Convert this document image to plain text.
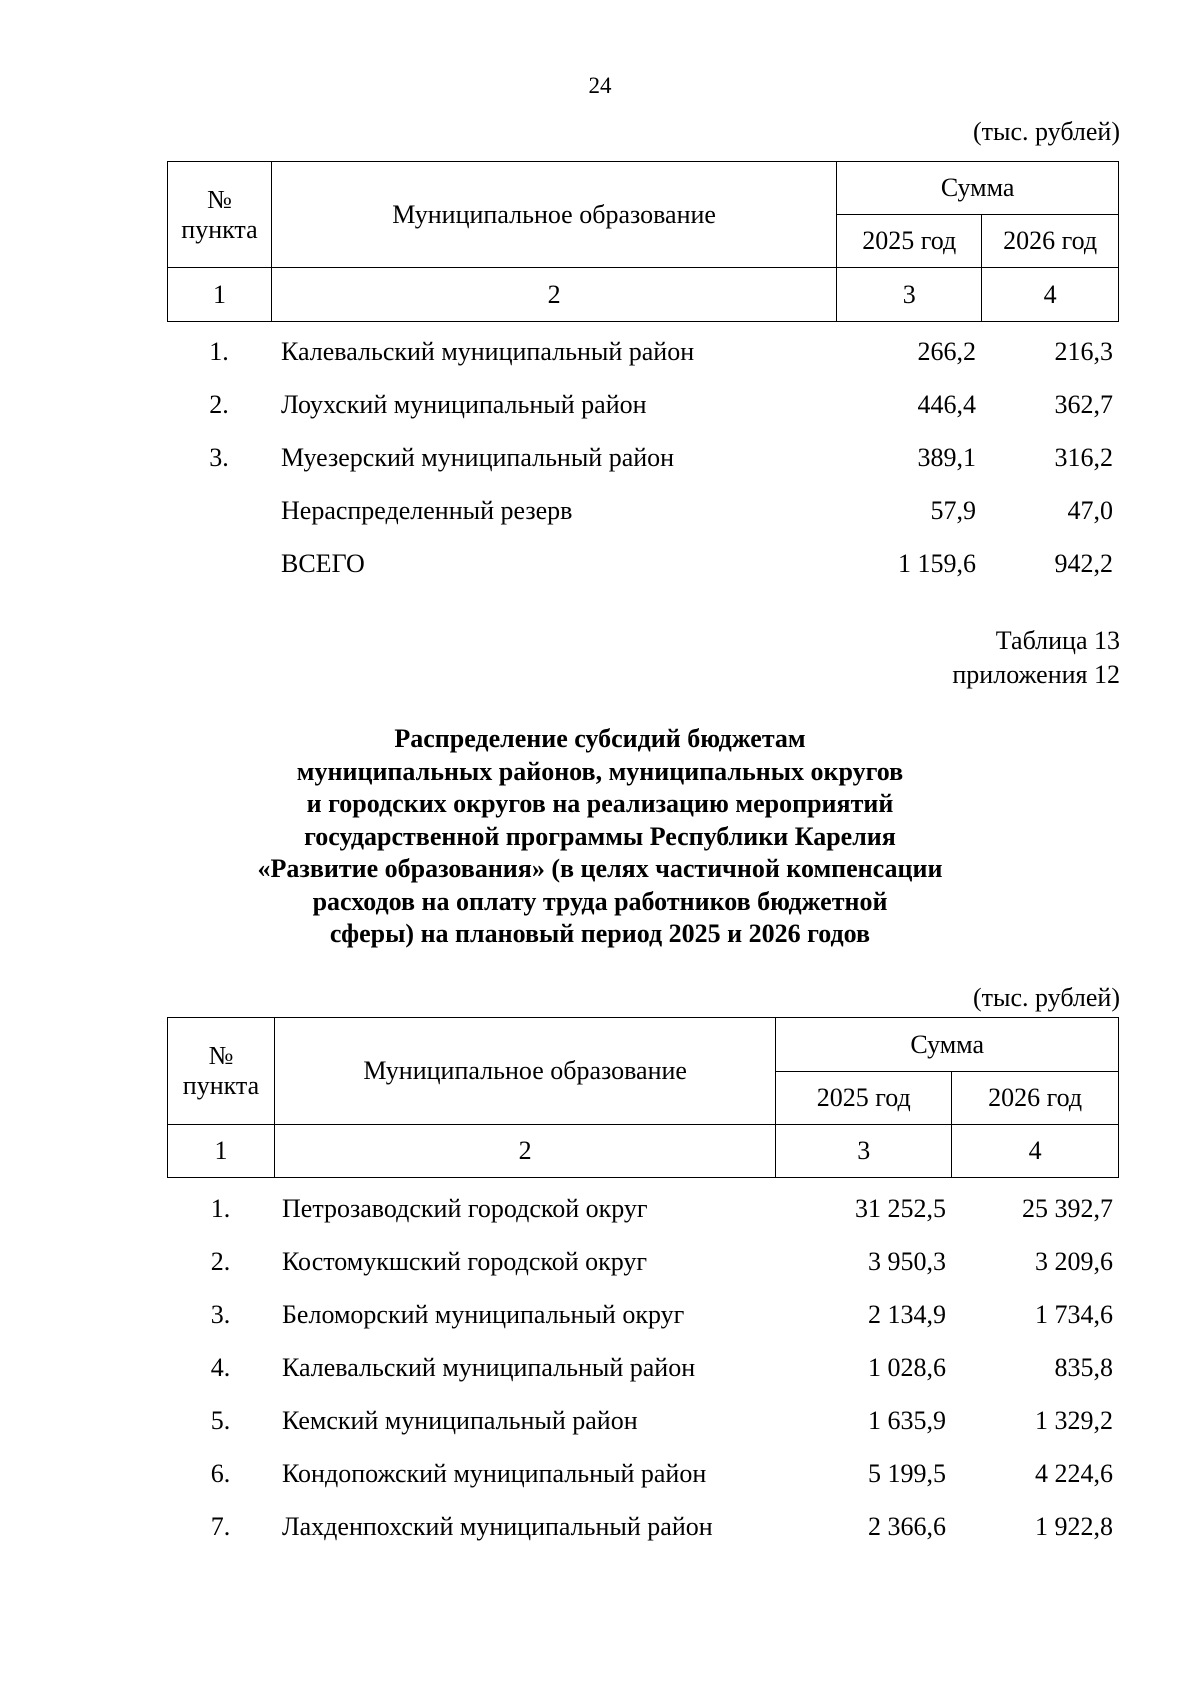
24
(тыс. рублей)
№ пункта	Муниципальное образование	Сумма	
		2025 год	2026 год
1	2	3	4
1.	Калевальский муниципальный район	266,2	216,3
2.	Лоухский муниципальный район	446,4	362,7
3.	Муезерский муниципальный район	389,1	316,2
	Нераспределенный резерв	57,9	47,0
	ВСЕГО	1 159,6	942,2
Таблица 13
приложения 12
Распределение субсидий бюджетам
муниципальных районов, муниципальных округов
и городских округов на реализацию мероприятий
государственной программы Республики Карелия
«Развитие образования» (в целях частичной компенсации
расходов на оплату труда работников бюджетной
сферы) на плановый период 2025 и 2026 годов
(тыс. рублей)
№ пункта	Муниципальное образование	Сумма	
		2025 год	2026 год
1	2	3	4
1.	Петрозаводский городской округ	31 252,5	25 392,7
2.	Костомукшский городской округ	3 950,3	3 209,6
3.	Беломорский муниципальный округ	2 134,9	1 734,6
4.	Калевальский муниципальный район	1 028,6	835,8
5.	Кемский муниципальный район	1 635,9	1 329,2
6.	Кондопожский муниципальный район	5 199,5	4 224,6
7.	Лахденпохский муниципальный район	2 366,6	1 922,8
